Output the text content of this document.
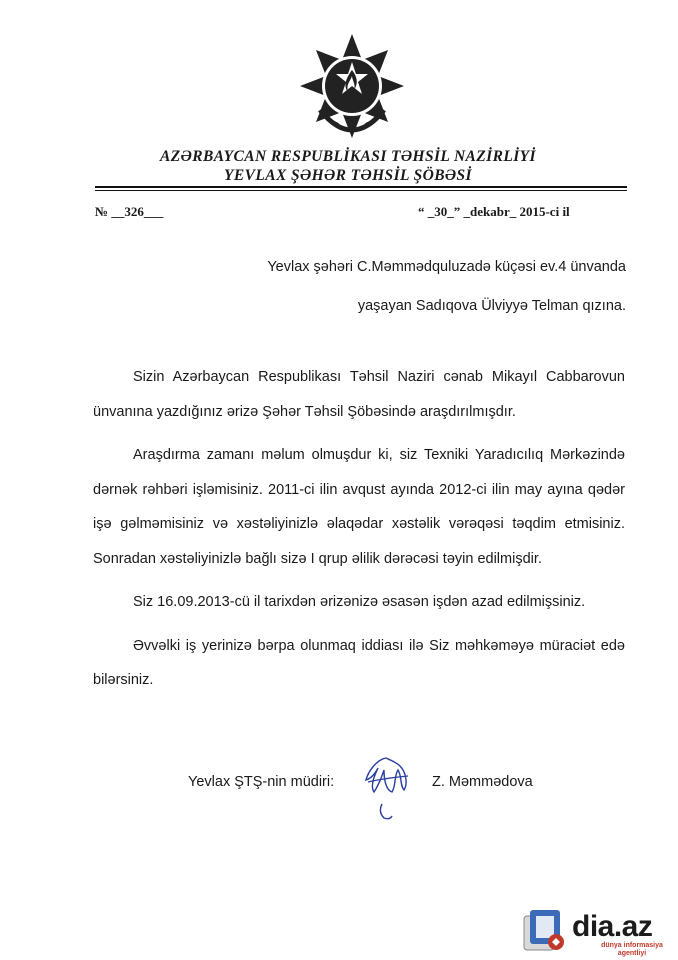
AZƏRBAYCAN RESPUBLİKASI TƏHSİL NAZİRLİYİ
YEVLAX ŞƏHƏR TƏHSİL ŞÖBƏSİ
№ __326___	“ _30_” _dekabr_ 2015-ci il
Yevlax şəhəri C.Məmmədquluzadə küçəsi ev.4 ünvanda
yaşayan Sadıqova Ülviyyə Telman qızına.

Sizin Azərbaycan Respublikası Təhsil Naziri cənab Mikayıl Cabbarovun ünvanına yazdığınız ərizə Şəhər Təhsil Şöbəsində araşdırılmışdır.

Araşdırma zamanı məlum olmuşdur ki, siz Texniki Yaradıcılıq Mərkəzində dərnək rəhbəri işləmisiniz. 2011-ci ilin avqust ayında 2012-ci ilin may ayına qədər işə gəlməmisiniz və xəstəliyinizlə əlaqədar xəstəlik vərəqəsi təqdim etmisiniz. Sonradan xəstəliyinizlə bağlı sizə I qrup əlilik dərəcəsi təyin edilmişdir.

Siz 16.09.2013-cü il tarixdən ərizənizə əsasən işdən azad edilmişsiniz.

Əvvəlki iş yerinizə bərpa olunmaq iddiası ilə Siz məhkəməyə müraciət edə bilərsiniz.

Yevlax ŞTŞ-nin müdiri:	Z. Məmmədova
dia.az
dünya informasiya agentliyi
